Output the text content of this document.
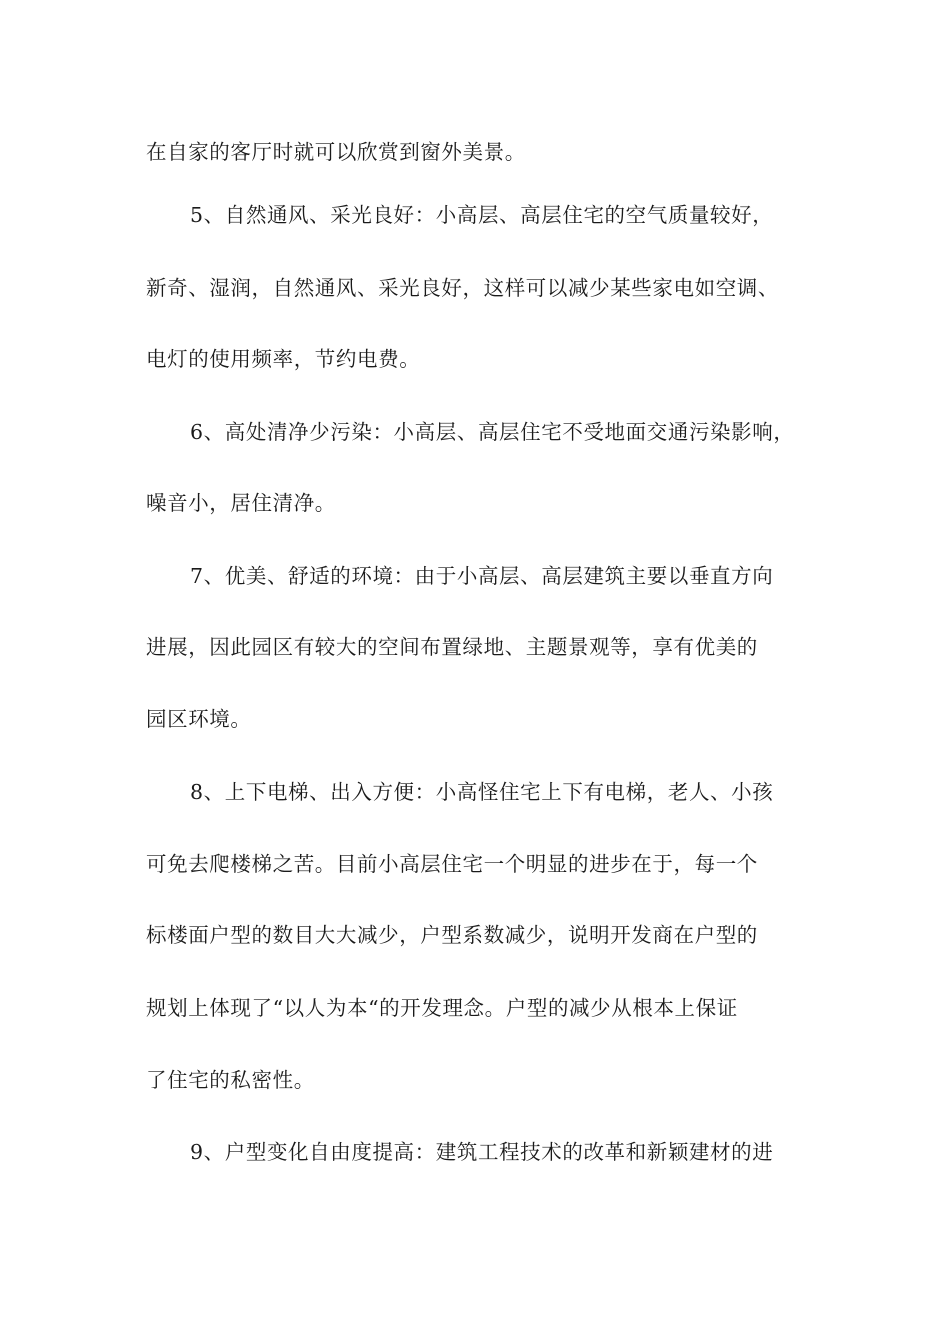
在自家的客厅时就可以欣赏到窗外美景。
5、自然通风、采光良好：小高层、高层住宅的空气质量较好，
新奇、湿润，自然通风、采光良好，这样可以减少某些家电如空调、
电灯的使用频率，节约电费。
6、高处清净少污染：小高层、高层住宅不受地面交通污染影响，
噪音小，居住清净。
7、优美、舒适的环境：由于小高层、高层建筑主要以垂直方向
进展，因此园区有较大的空间布置绿地、主题景观等，享有优美的
园区环境。
8、上下电梯、出入方便：小高怪住宅上下有电梯，老人、小孩
可免去爬楼梯之苦。目前小高层住宅一个明显的进步在于，每一个
标楼面户型的数目大大减少，户型系数减少，说明开发商在户型的
规划上体现了“以人为本“的开发理念。户型的减少从根本上保证
了住宅的私密性。
9、户型变化自由度提高：建筑工程技术的改革和新颖建材的进
